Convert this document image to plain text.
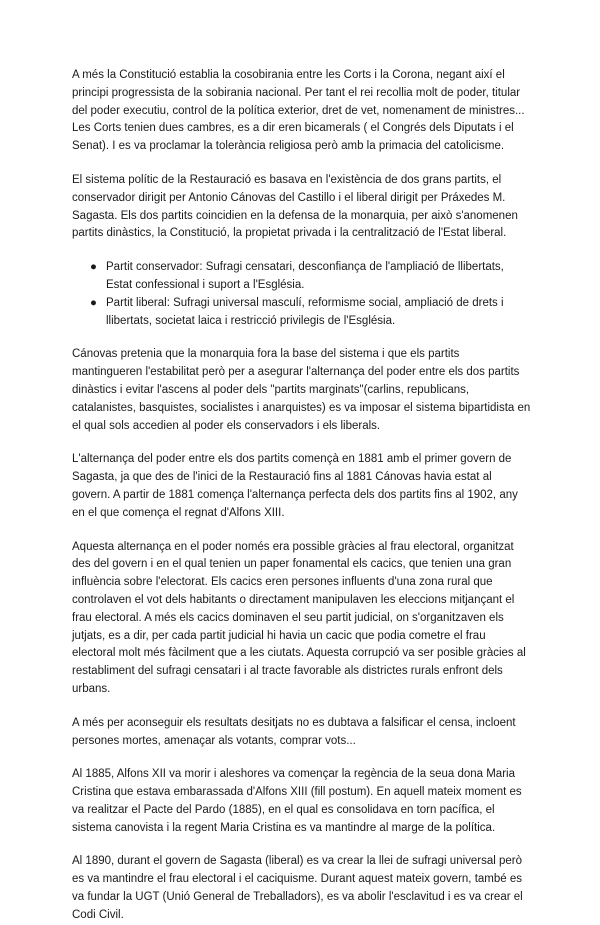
A més la Constitució establia la cosobirania entre les Corts i la Corona, negant així el principi progressista de la sobirania nacional. Per tant el rei recollia molt de poder, titular del poder executiu, control de la política exterior, dret de vet, nomenament de ministres...

Les Corts tenien dues cambres, es a dir eren bicamerals ( el Congrés dels Diputats i el Senat). I es va proclamar la tolerància religiosa però amb la primacia del catolicisme.

El sistema polític de la Restauració es basava en l'existència de dos grans partits, el conservador dirigit per Antonio Cánovas del Castillo i el liberal dirigit per Práxedes M. Sagasta. Els dos partits coincidien en la defensa de la monarquia, per això s'anomenen partits dinàstics, la Constitució, la propietat privada i la centralització de l'Estat liberal.

● Partit conservador: Sufragi censatari, desconfiança de l'ampliació de llibertats, Estat confessional i suport a l'Església.
● Partit liberal: Sufragi universal masculí, reformisme social, ampliació de drets i llibertats, societat laica i restricció privilegis de l'Església.

Cánovas pretenia que la monarquia fora la base del sistema i que els partits mantingueren l'estabilitat però per a asegurar l'alternança del poder entre els dos partits dinàstics i evitar l'ascens al poder dels "partits marginats"(carlins, republicans, catalanistes, basquistes, socialistes i anarquistes) es va imposar el sistema bipartidista en el qual sols accedien al poder els conservadors i els liberals.

L'alternança del poder entre els dos partits començà en 1881 amb el primer govern de Sagasta, ja que des de l'inici de la Restauració fins al 1881 Cánovas havia estat al govern. A partir de 1881 comença l'alternança perfecta dels dos partits fins al 1902, any en el que comença el regnat d'Alfons XIII.

Aquesta alternança en el poder només era possible gràcies al frau electoral, organitzat des del govern i en el qual tenien un paper fonamental els cacics, que tenien una gran influència sobre l'electorat. Els cacics eren persones influents d'una zona rural que controlaven el vot dels habitants o directament manipulaven les eleccions mitjançant el frau electoral. A més els cacics dominaven el seu partit judicial, on s'organitzaven els jutjats, es a dir, per cada partit judicial hi havia un cacic que podia cometre el frau electoral molt més fàcilment que a les ciutats. Aquesta corrupció va ser posible gràcies al restabliment del sufragi censatari i al tracte favorable als districtes rurals enfront dels urbans.

A més per aconseguir els resultats desitjats no es dubtava a falsificar el censa, incloent persones mortes, amenaçar als votants, comprar vots...

Al 1885, Alfons XII va morir i aleshores va començar la regència de la seua dona Maria Cristina que estava embarassada d'Alfons XIII (fill postum). En aquell mateix moment es va realitzar el Pacte del Pardo (1885), en el qual es consolidava en torn pacífica, el sistema canovista i la regent Maria Cristina es va mantindre al marge de la política.

Al 1890, durant el govern de Sagasta (liberal) es va crear la llei de sufragi universal però es va mantindre el frau electoral i el caciquisme. Durant aquest mateix govern, també es va fundar la UGT (Unió General de Treballadors), es va abolir l'esclavitud i es va crear el Codi Civil.
